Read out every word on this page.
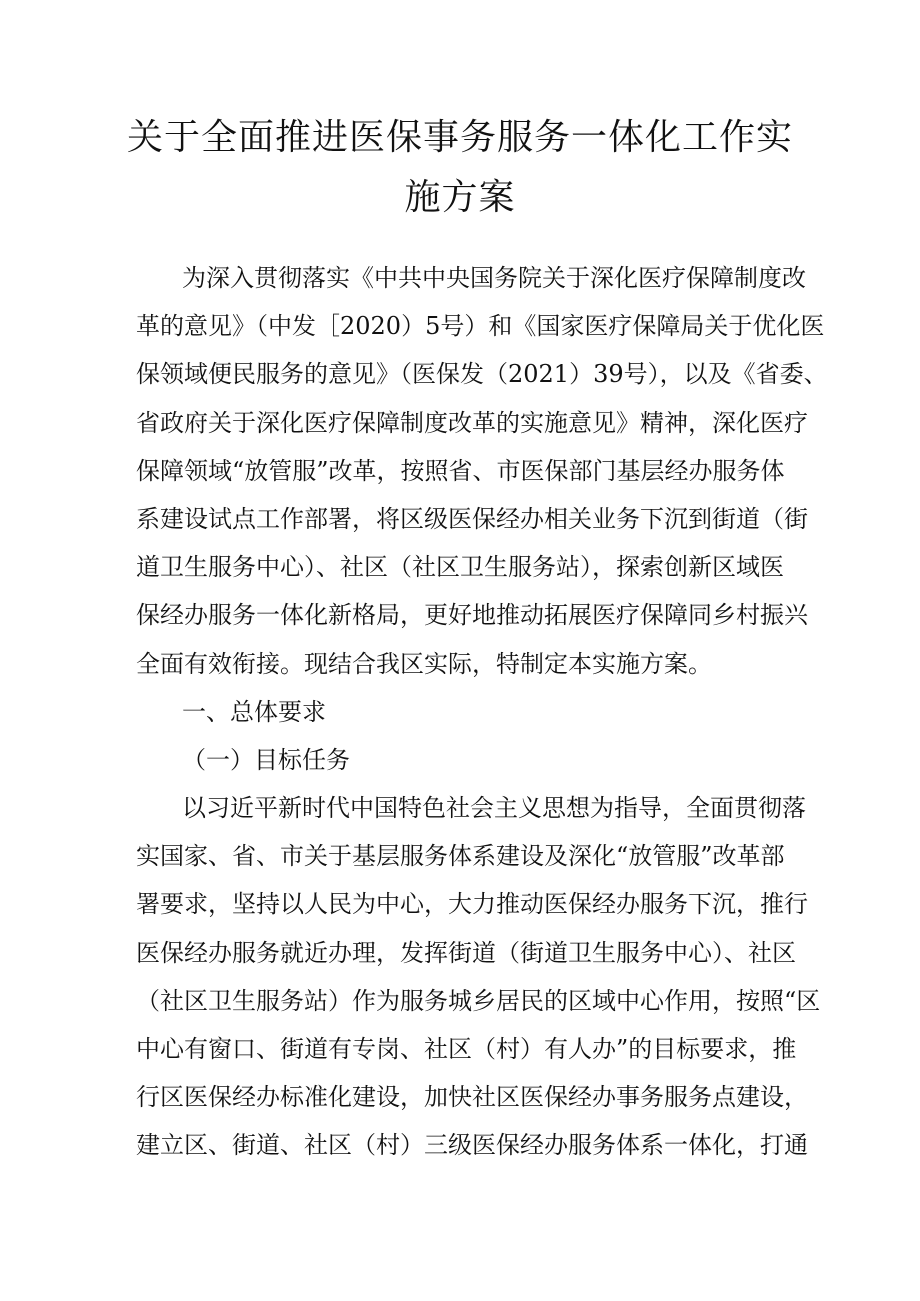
关于全面推进医保事务服务一体化工作实
施方案
为深入贯彻落实《中共中央国务院关于深化医疗保障制度改
革的意见》（中发［2020）5号）和《国家医疗保障局关于优化医
保领域便民服务的意见》（医保发（2021）39号），以及《省委、
省政府关于深化医疗保障制度改革的实施意见》精神，深化医疗
保障领域“放管服”改革，按照省、市医保部门基层经办服务体
系建设试点工作部署，将区级医保经办相关业务下沉到街道（街
道卫生服务中心）、社区（社区卫生服务站），探索创新区域医
保经办服务一体化新格局，更好地推动拓展医疗保障同乡村振兴
全面有效衔接。现结合我区实际，特制定本实施方案。
一、总体要求
（一）目标任务
以习近平新时代中国特色社会主义思想为指导，全面贯彻落
实国家、省、市关于基层服务体系建设及深化“放管服”改革部
署要求，坚持以人民为中心，大力推动医保经办服务下沉，推行
医保经办服务就近办理，发挥街道（街道卫生服务中心）、社区
（社区卫生服务站）作为服务城乡居民的区域中心作用，按照“区
中心有窗口、街道有专岗、社区（村）有人办”的目标要求，推
行区医保经办标准化建设，加快社区医保经办事务服务点建设，
建立区、街道、社区（村）三级医保经办服务体系一体化，打通
